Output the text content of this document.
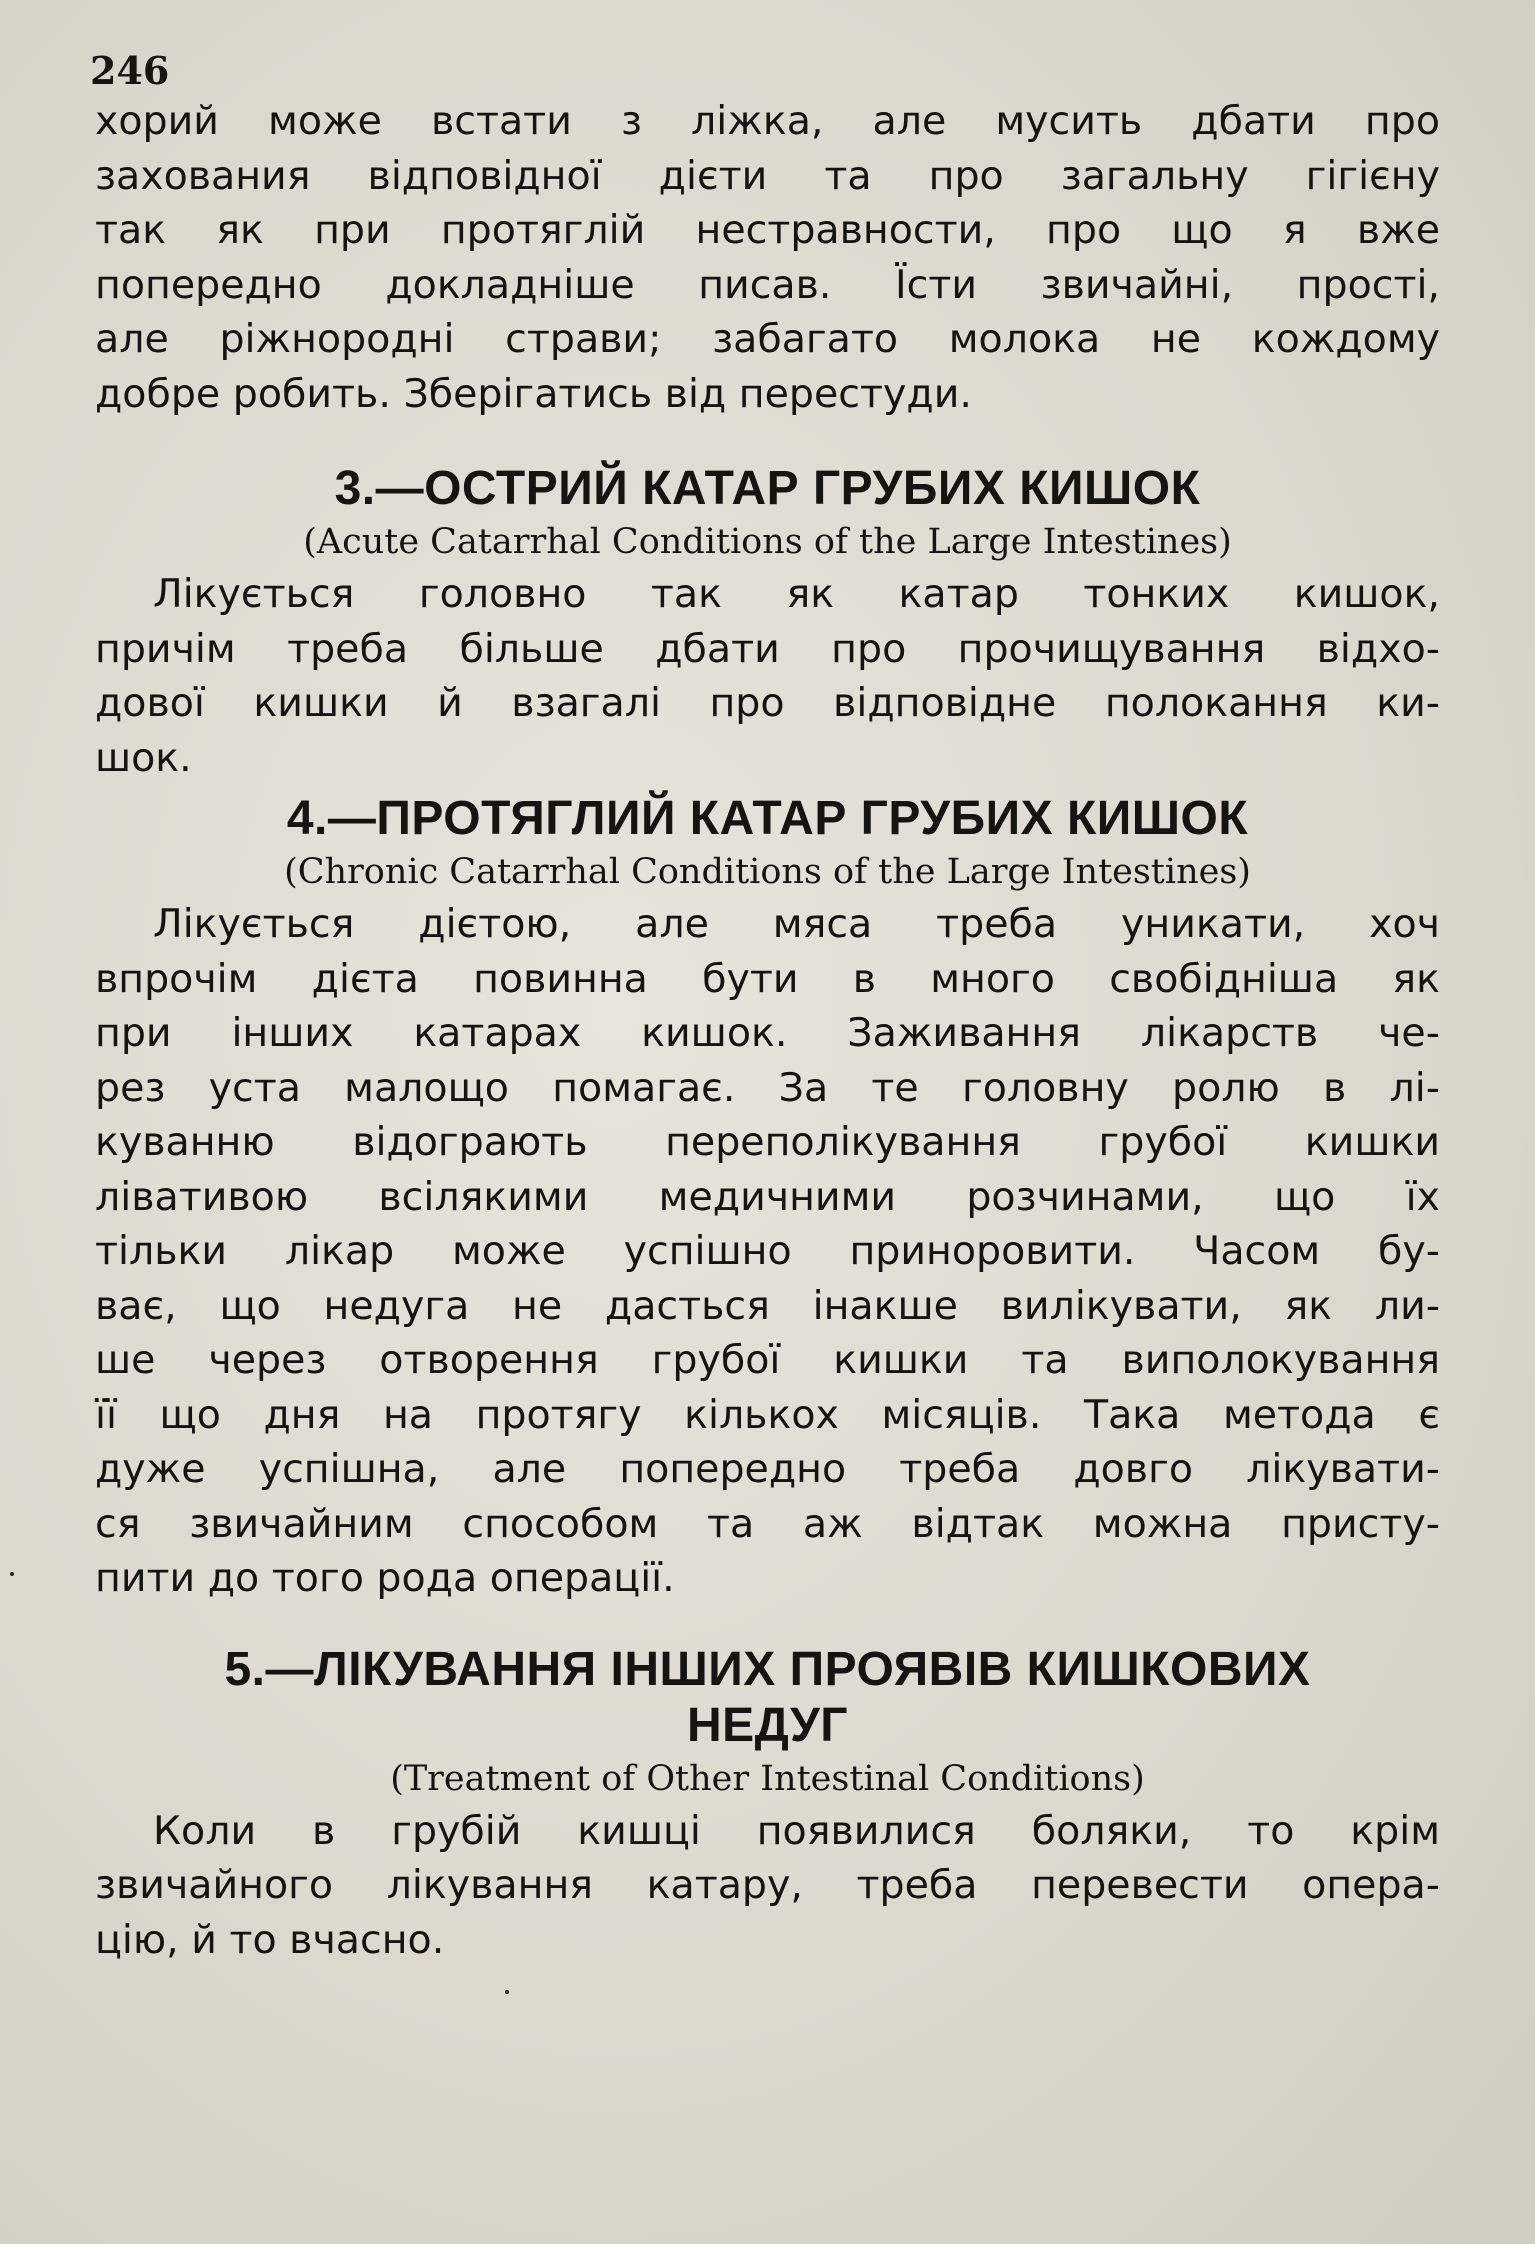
246
хорий може встати з ліжка, але мусить дбати про
захования відповідної дієти та про загальну гігієну
так як при протяглій нестравности, про що я вже
попередно докладніше писав. Їсти звичайні, прості,
але ріжнородні страви; забагато молока не кождому
добре робить. Зберігатись від перестуди.
3.—ОСТРИЙ КАТАР ГРУБИХ КИШОК
(Acute Catarrhal Conditions of the Large Intestines)
Лікується головно так як катар тонких кишок,
причім треба більше дбати про прочищування відхо-
дової кишки й взагалі про відповідне полокання ки-
шок.
4.—ПРОТЯГЛИЙ КАТАР ГРУБИХ КИШОК
(Chronic Catarrhal Conditions of the Large Intestines)
Лікується дієтою, але мяса треба уникати, хоч
впрочім дієта повинна бути в много свобідніша як
при інших катарах кишок. Заживання лікарств че-
рез уста малощо помагає. За те головну ролю в лі-
куванню відограють переполікування грубої кишки
лівативою всілякими медичними розчинами, що їх
тільки лікар може успішно приноровити. Часом бу-
ває, що недуга не дасться інакше вилікувати, як ли-
ше через отворення грубої кишки та виполокування
її що дня на протягу кількох місяців. Така метода є
дуже успішна, але попередно треба довго лікувати-
ся звичайним способом та аж відтак можна присту-
пити до того рода операції.
5.—ЛІКУВАННЯ ІНШИХ ПРОЯВІВ КИШКОВИХ
НЕДУГ
(Treatment of Other Intestinal Conditions)
Коли в грубій кишці появилися боляки, то крім
звичайного лікування катару, треба перевести опера-
цію, й то вчасно.
